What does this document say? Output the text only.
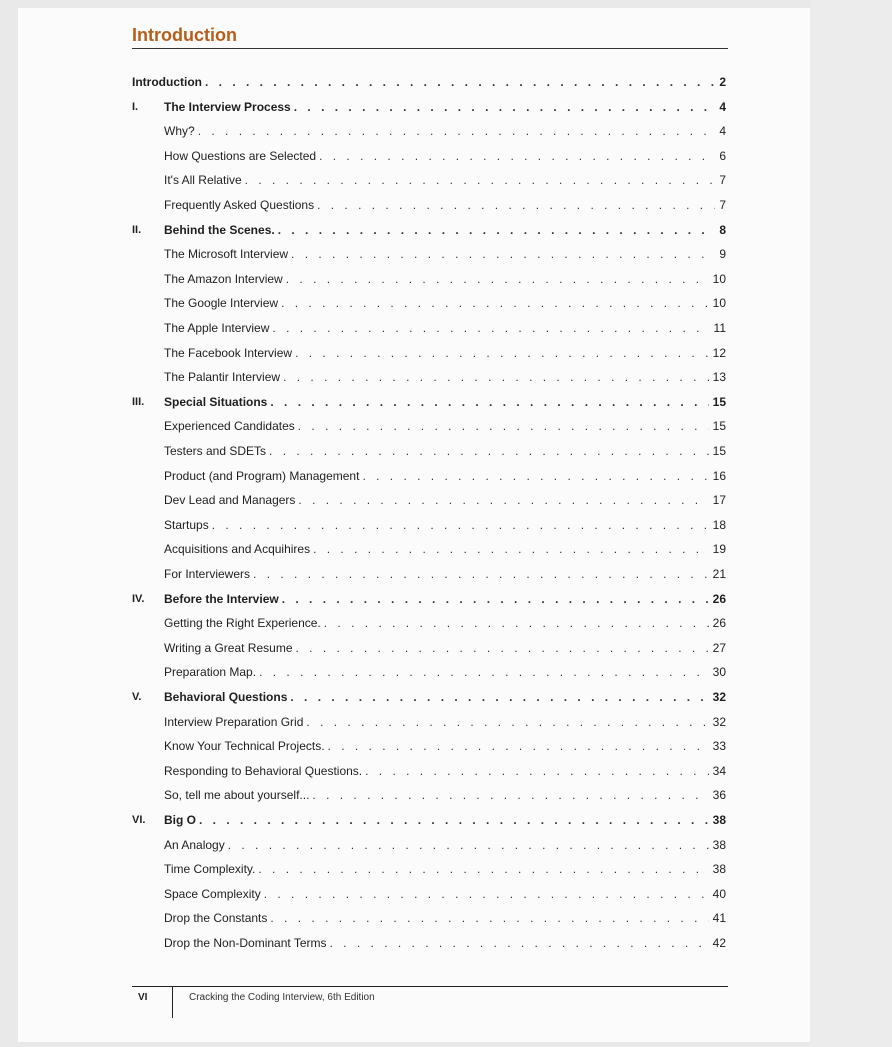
Introduction
Introduction . . .	2
I. The Interview Process . . .	4
Why? . . .	4
How Questions are Selected . . .	6
It's All Relative . . .	7
Frequently Asked Questions . . .	7
II. Behind the Scenes. . . .	8
The Microsoft Interview . . .	9
The Amazon Interview . . .	10
The Google Interview . . .	10
The Apple Interview . . .	11
The Facebook Interview . . .	12
The Palantir Interview . . .	13
III. Special Situations . . .	15
Experienced Candidates . . .	15
Testers and SDETs . . .	15
Product (and Program) Management . . .	16
Dev Lead and Managers . . .	17
Startups . . .	18
Acquisitions and Acquihires . . .	19
For Interviewers . . .	21
IV. Before the Interview . . .	26
Getting the Right Experience. . . .	26
Writing a Great Resume . . .	27
Preparation Map. . . .	30
V. Behavioral Questions . . .	32
Interview Preparation Grid . . .	32
Know Your Technical Projects. . . .	33
Responding to Behavioral Questions. . . .	34
So, tell me about yourself... . . .	36
VI. Big O . . .	38
An Analogy . . .	38
Time Complexity. . . .	38
Space Complexity . . .	40
Drop the Constants . . .	41
Drop the Non-Dominant Terms . . .	42
VI	Cracking the Coding Interview, 6th Edition
